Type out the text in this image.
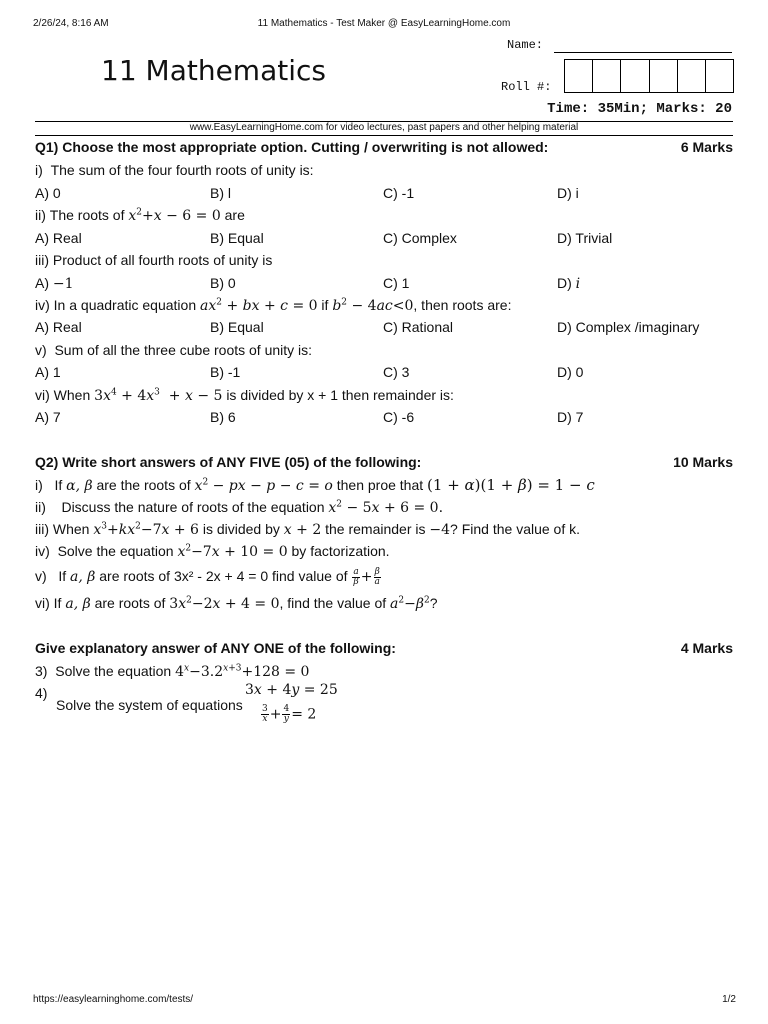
2/26/24, 8:16 AM	11 Mathematics - Test Maker @ EasyLearningHome.com
11 Mathematics
Name:
Roll #:
Time: 35Min; Marks: 20
www.EasyLearningHome.com for video lectures, past papers and other helping material
Q1) Choose the most appropriate option. Cutting / overwriting is not allowed:	6 Marks
i) The sum of the four fourth roots of unity is:
A) 0	B) l	C) -1	D) i
ii) The roots of $x^2+x - 6 = 0$ are
A) Real	B) Equal	C) Complex	D) Trivial
iii) Product of all fourth roots of unity is
A) −1	B) 0	C) 1	D) i
iv) In a quadratic equation $ax^2$ + bx + c = 0 if $b^2 - 4ac<0$, then roots are:
A) Real	B) Equal	C) Rational	D) Complex /imaginary
v) Sum of all the three cube roots of unity is:
A) 1	B) -1	C) 3	D) 0
vi) When $3x^4 + 4x^3 + x - 5$ is divided by x + 1 then remainder is:
A) 7	B) 6	C) -6	D) 7
Q2) Write short answers of ANY FIVE (05) of the following:	10 Marks
i) If α, β are the roots of $x^2$ − px − p − c = o then proe that (1 + α)(1 + β) = 1 − c
ii) Discuss the nature of roots of the equation $x^2 - 5x + 6 = 0$.
iii) When $x^3+kx^2-7x + 6$ is divided by x + 2 the remainder is −4? Find the value of k.
iv) Solve the equation $x^2-7x + 10 = 0$ by factorization.
v) If a, β are roots of 3x² - 2x + 4 = 0 find value of $\frac{a}{\beta} + \frac{\beta}{a}$
vi) If a, β are roots of $3x^2-2x + 4 = 0$, find the value of $a^2-\beta^2$?
Give explanatory answer of ANY ONE of the following:	4 Marks
3) Solve the equation $4^x-3.2^{x+3}+128 = 0$
4)	3x + 4y = 25
Solve the system of equations $\frac{3}{x} + \frac{4}{y} = 2$
https://easylearninghome.com/tests/	1/2
